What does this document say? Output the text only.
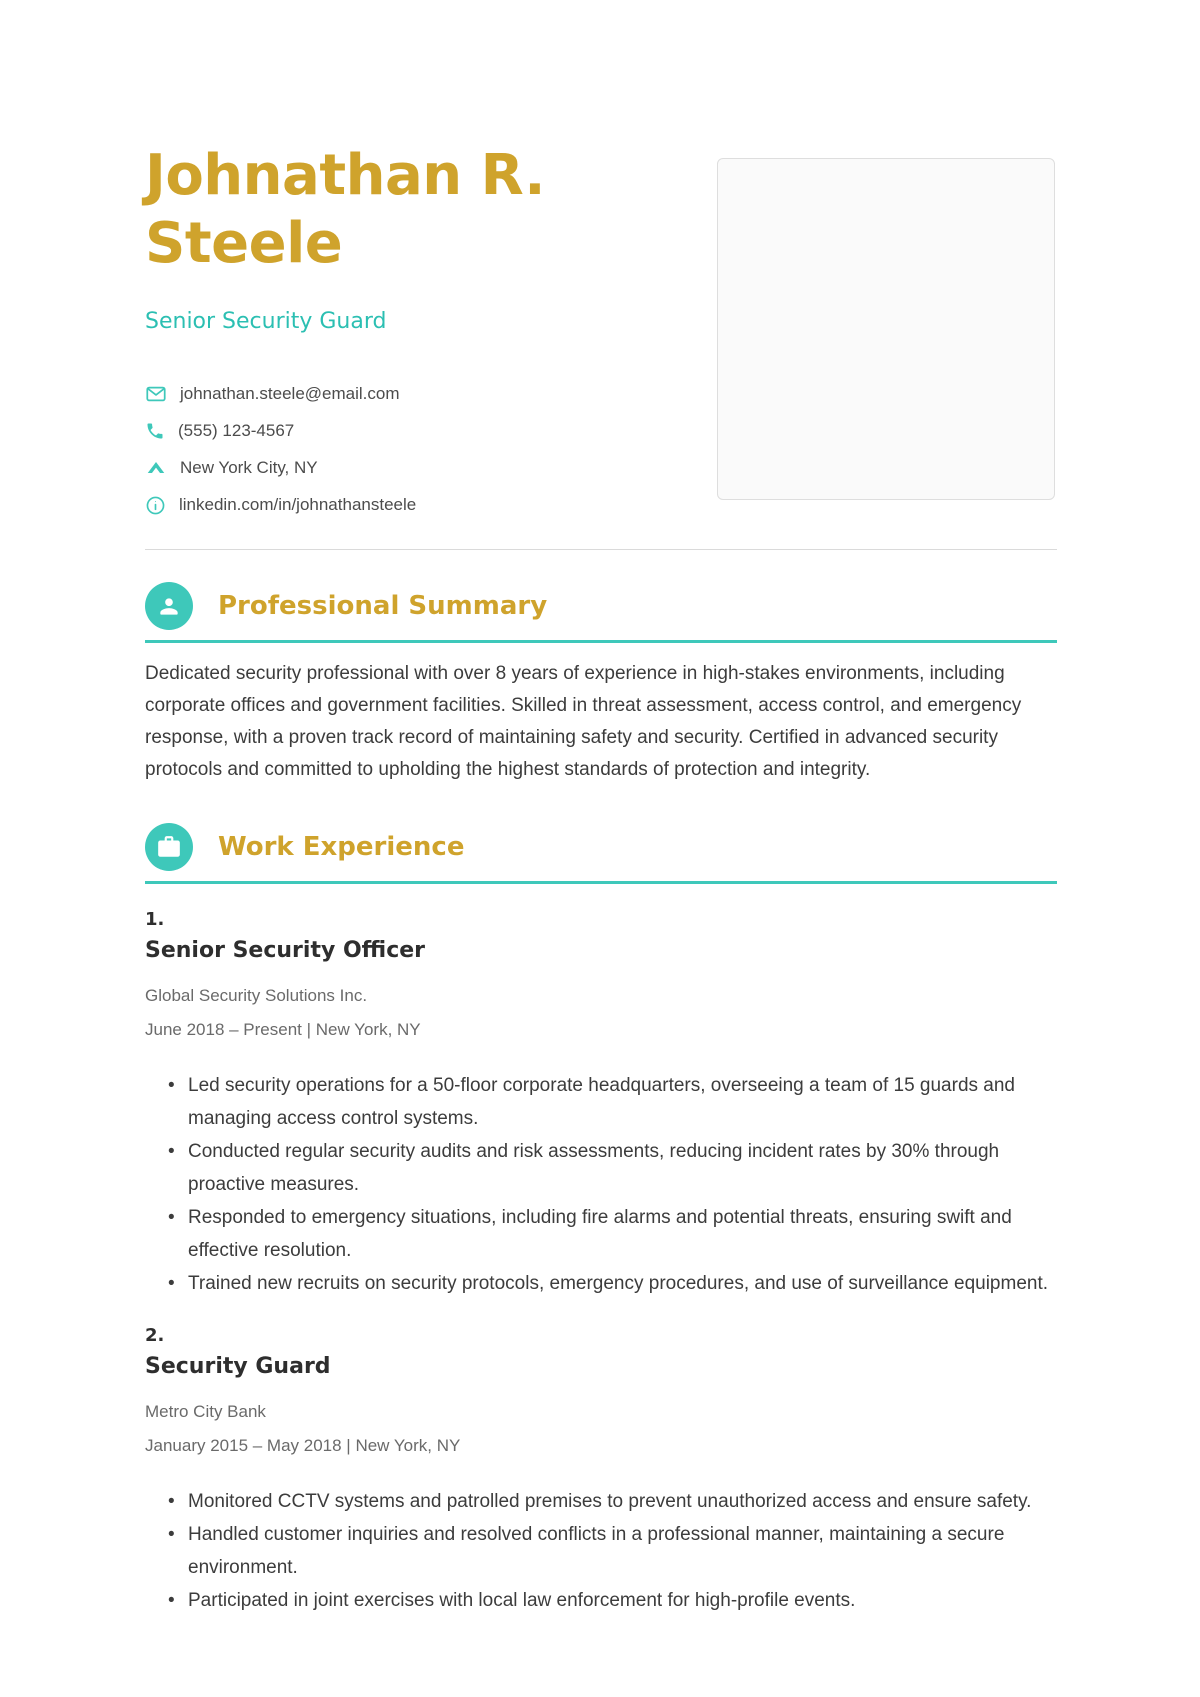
Johnathan R. Steele
Senior Security Guard
johnathan.steele@email.com
(555) 123-4567
New York City, NY
linkedin.com/in/johnathansteele
Professional Summary

Dedicated security professional with over 8 years of experience in high-stakes environments, including corporate offices and government facilities. Skilled in threat assessment, access control, and emergency response, with a proven track record of maintaining safety and security. Certified in advanced security protocols and committed to upholding the highest standards of protection and integrity.

Work Experience
1.
Senior Security Officer
Global Security Solutions Inc.
June 2018 – Present | New York, NY
• Led security operations for a 50-floor corporate headquarters, overseeing a team of 15 guards and managing access control systems.
• Conducted regular security audits and risk assessments, reducing incident rates by 30% through proactive measures.
• Responded to emergency situations, including fire alarms and potential threats, ensuring swift and effective resolution.
• Trained new recruits on security protocols, emergency procedures, and use of surveillance equipment.
2.
Security Guard
Metro City Bank
January 2015 – May 2018 | New York, NY
• Monitored CCTV systems and patrolled premises to prevent unauthorized access and ensure safety.
• Handled customer inquiries and resolved conflicts in a professional manner, maintaining a secure environment.
• Participated in joint exercises with local law enforcement for high-profile events.
